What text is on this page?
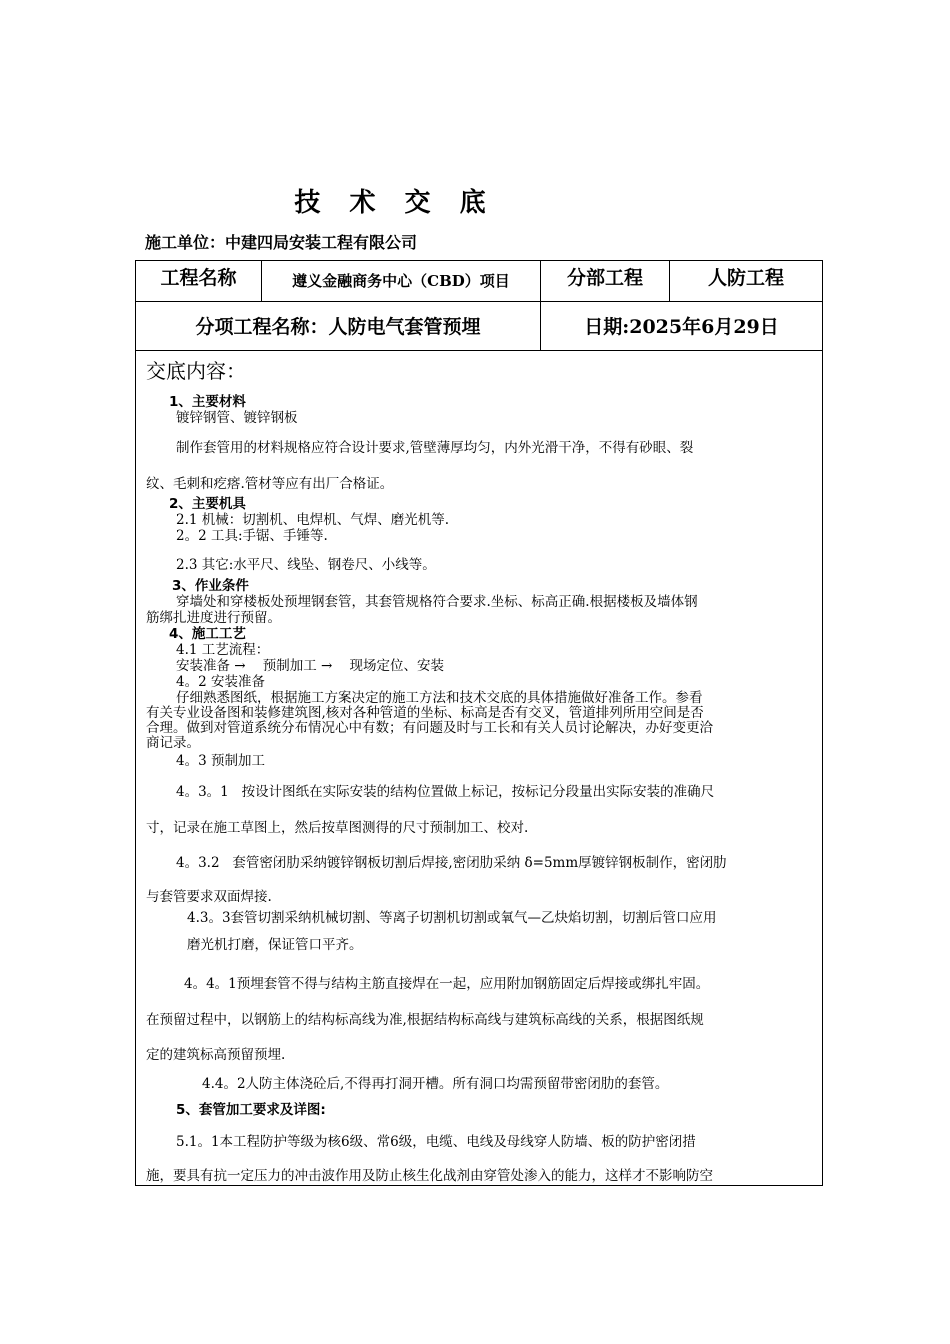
技 术 交 底
施工单位：中建四局安装工程有限公司
工程名称	遵义金融商务中心（CBD）项目	分部工程	人防工程
分项工程名称：人防电气套管预埋	日期:2025年6月29日
交底内容：
1、主要材料
镀锌钢管、镀锌钢板
制作套管用的材料规格应符合设计要求,管壁薄厚均匀，内外光滑干净，不得有砂眼、裂
纹、毛刺和疙瘩.管材等应有出厂合格证。
2、主要机具
2.1 机械：切割机、电焊机、气焊、磨光机等.
2。2 工具:手锯、手锤等.
2.3 其它:水平尺、线坠、钢卷尺、小线等。
3、作业条件
穿墙处和穿楼板处预埋钢套管，其套管规格符合要求.坐标、标高正确.根据楼板及墙体钢
筋绑扎进度进行预留。
4、施工工艺
4.1 工艺流程：
安装准备 →    预制加工 →    现场定位、安装
4。2 安装准备
仔细熟悉图纸，根据施工方案决定的施工方法和技术交底的具体措施做好准备工作。参看
有关专业设备图和装修建筑图,核对各种管道的坐标、标高是否有交叉，管道排列所用空间是否
合理。做到对管道系统分布情况心中有数；有问题及时与工长和有关人员讨论解决，办好变更洽
商记录。
4。3 预制加工
4。3。1   按设计图纸在实际安装的结构位置做上标记，按标记分段量出实际安装的准确尺
寸，记录在施工草图上，然后按草图测得的尺寸预制加工、校对.
4。3.2   套管密闭肋采纳镀锌钢板切割后焊接,密闭肋采纳 δ=5mm厚镀锌钢板制作，密闭肋
与套管要求双面焊接.
4.3。3套管切割采纳机械切割、等离子切割机切割或氧气—乙炔焰切割，切割后管口应用
磨光机打磨，保证管口平齐。
4。4。1预埋套管不得与结构主筋直接焊在一起，应用附加钢筋固定后焊接或绑扎牢固。
在预留过程中，以钢筋上的结构标高线为准,根据结构标高线与建筑标高线的关系，根据图纸规
定的建筑标高预留预埋.
4.4。2人防主体浇砼后,不得再打洞开槽。所有洞口均需预留带密闭肋的套管。
5、套管加工要求及详图:
5.1。1本工程防护等级为核6级、常6级，电缆、电线及母线穿人防墙、板的防护密闭措
施，要具有抗一定压力的冲击波作用及防止核生化战剂由穿管处渗入的能力，这样才不影响防空
